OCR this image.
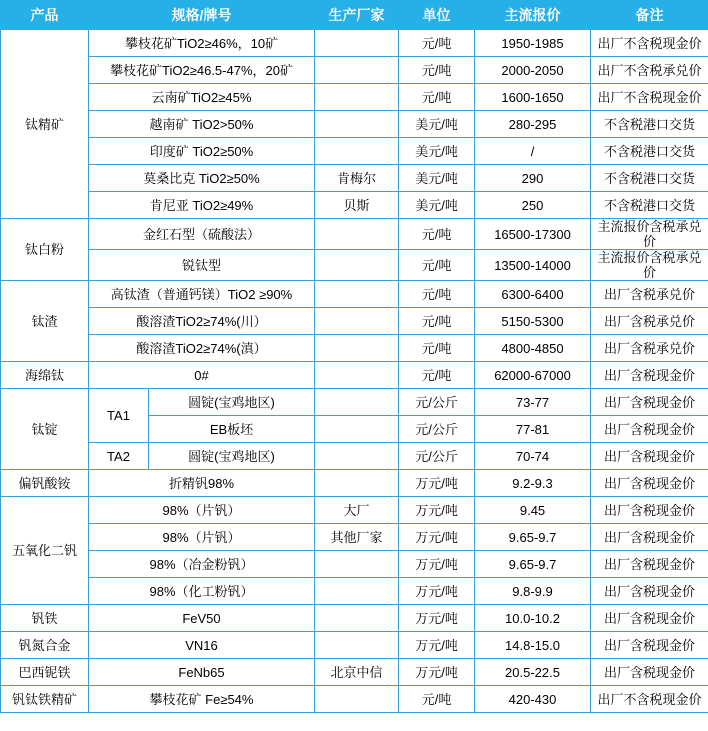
产品	规格/牌号		生产厂家	单位	主流报价	备注
钛精矿	攀枝花矿TiO2≥46%，10矿			元/吨	1950-1985	出厂不含税现金价
	攀枝花矿TiO2≥46.5-47%，20矿			元/吨	2000-2050	出厂不含税承兑价
	云南矿TiO2≥45%			元/吨	1600-1650	出厂不含税现金价
	越南矿 TiO2>50%			美元/吨	280-295	不含税港口交货
	印度矿 TiO2≥50%			美元/吨	/	不含税港口交货
	莫桑比克 TiO2≥50%		肯梅尔	美元/吨	290	不含税港口交货
	肯尼亚 TiO2≥49%		贝斯	美元/吨	250	不含税港口交货
钛白粉	金红石型（硫酸法）			元/吨	16500-17300	主流报价含税承兑价
	锐钛型			元/吨	13500-14000	主流报价含税承兑价
钛渣	高钛渣（普通钙镁）TiO2 ≥90%			元/吨	6300-6400	出厂含税承兑价
	酸溶渣TiO2≥74%(川）			元/吨	5150-5300	出厂含税承兑价
	酸溶渣TiO2≥74%(滇）			元/吨	4800-4850	出厂含税承兑价
海绵钛	0#			元/吨	62000-67000	出厂含税现金价
钛锭	TA1	圆锭(宝鸡地区)		元/公斤	73-77	出厂含税现金价
		EB板坯		元/公斤	77-81	出厂含税现金价
	TA2	圆锭(宝鸡地区)		元/公斤	70-74	出厂含税现金价
偏钒酸铵	折精钒98%			万元/吨	9.2-9.3	出厂含税现金价
五氧化二钒	98%（片钒）		大厂	万元/吨	9.45	出厂含税现金价
	98%（片钒）		其他厂家	万元/吨	9.65-9.7	出厂含税现金价
	98%（冶金粉钒）			万元/吨	9.65-9.7	出厂含税现金价
	98%（化工粉钒）			万元/吨	9.8-9.9	出厂含税现金价
钒铁	FeV50			万元/吨	10.0-10.2	出厂含税现金价
钒氮合金	VN16			万元/吨	14.8-15.0	出厂含税现金价
巴西铌铁	FeNb65		北京中信	万元/吨	20.5-22.5	出厂含税现金价
钒钛铁精矿	攀枝花矿 Fe≥54%			元/吨	420-430	出厂不含税现金价
